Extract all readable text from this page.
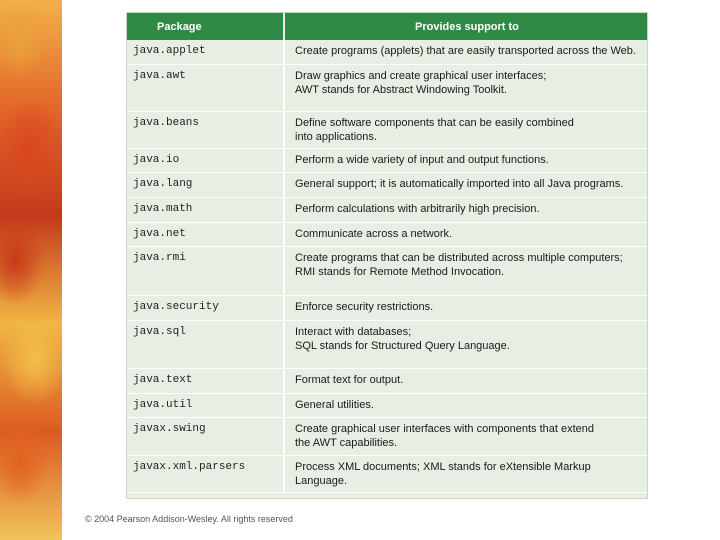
Package	Provides support to
java.applet	Create programs (applets) that are easily transported across the Web.
java.awt	Draw graphics and create graphical user interfaces;
AWT stands for Abstract Windowing Toolkit.
java.beans	Define software components that can be easily combined
into applications.
java.io	Perform a wide variety of input and output functions.
java.lang	General support; it is automatically imported into all Java programs.
java.math	Perform calculations with arbitrarily high precision.
java.net	Communicate across a network.
java.rmi	Create programs that can be distributed across multiple computers;
RMI stands for Remote Method Invocation.
java.security	Enforce security restrictions.
java.sql	Interact with databases;
SQL stands for Structured Query Language.
java.text	Format text for output.
java.util	General utilities.
javax.swing	Create graphical user interfaces with components that extend
the AWT capabilities.
javax.xml.parsers	Process XML documents; XML stands for eXtensible Markup Language.
© 2004 Pearson Addison-Wesley. All rights reserved
